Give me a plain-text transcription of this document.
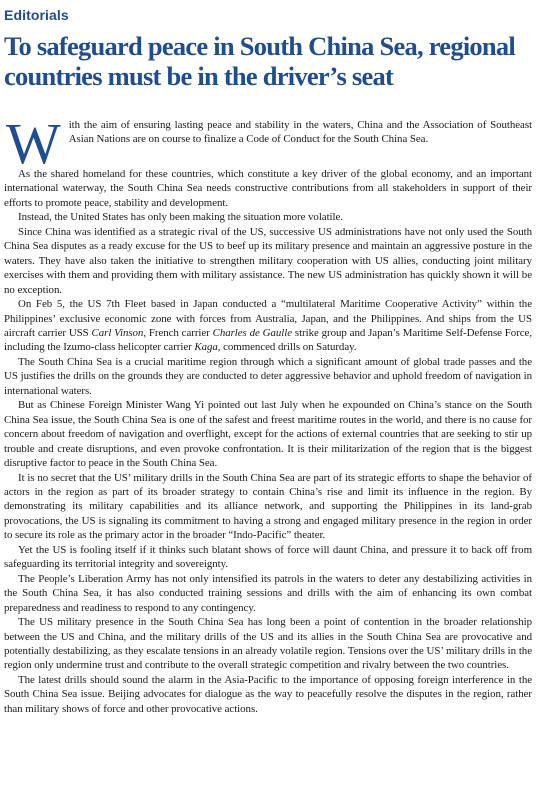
Editorials
To safeguard peace in South China Sea, regional countries must be in the driver’s seat
W ith the aim of ensuring lasting peace and stability in the waters, China and the Association of Southeast Asian Nations are on course to finalize a Code of Conduct for the South China Sea.

As the shared homeland for these countries, which constitute a key driver of the global economy, and an important international waterway, the South China Sea needs constructive contributions from all stakeholders in support of their efforts to promote peace, stability and development.

Instead, the United States has only been making the situation more volatile.

Since China was identified as a strategic rival of the US, successive US administrations have not only used the South China Sea disputes as a ready excuse for the US to beef up its military presence and maintain an aggressive posture in the waters. They have also taken the initiative to strengthen military cooperation with US allies, conducting joint military exercises with them and providing them with military assistance. The new US administration has quickly shown it will be no exception.

On Feb 5, the US 7th Fleet based in Japan conducted a “multilateral Maritime Cooperative Activity” within the Philippines’ exclusive economic zone with forces from Australia, Japan, and the Philippines. And ships from the US aircraft carrier USS Carl Vinson, French carrier Charles de Gaulle strike group and Japan’s Maritime Self-Defense Force, including the Izumo-class helicopter carrier Kaga, commenced drills on Saturday.

The South China Sea is a crucial maritime region through which a significant amount of global trade passes and the US justifies the drills on the grounds they are conducted to deter aggressive behavior and uphold freedom of navigation in international waters.

But as Chinese Foreign Minister Wang Yi pointed out last July when he expounded on China’s stance on the South China Sea issue, the South China Sea is one of the safest and freest maritime routes in the world, and there is no cause for concern about freedom of navigation and overflight, except for the actions of external countries that are seeking to stir up trouble and create disruptions, and even provoke confrontation. It is their militarization of the region that is the biggest disruptive factor to peace in the South China Sea.

It is no secret that the US’ military drills in the South China Sea are part of its strategic efforts to shape the behavior of actors in the region as part of its broader strategy to contain China’s rise and limit its influence in the region. By demonstrating its military capabilities and its alliance network, and supporting the Philippines in its land-grab provocations, the US is signaling its commitment to having a strong and engaged military presence in the region in order to secure its role as the primary actor in the broader “Indo-Pacific” theater.

Yet the US is fooling itself if it thinks such blatant shows of force will daunt China, and pressure it to back off from safeguarding its territorial integrity and sovereignty.

The People’s Liberation Army has not only intensified its patrols in the waters to deter any destabilizing activities in the South China Sea, it has also conducted training sessions and drills with the aim of enhancing its own combat preparedness and readiness to respond to any contingency.

The US military presence in the South China Sea has long been a point of contention in the broader relationship between the US and China, and the military drills of the US and its allies in the South China Sea are provocative and potentially destabilizing, as they escalate tensions in an already volatile region. Tensions over the US’ military drills in the region only undermine trust and contribute to the overall strategic competition and rivalry between the two countries.

The latest drills should sound the alarm in the Asia-Pacific to the importance of opposing foreign interference in the South China Sea issue. Beijing advocates for dialogue as the way to peacefully resolve the disputes in the region, rather than military shows of force and other provocative actions.
